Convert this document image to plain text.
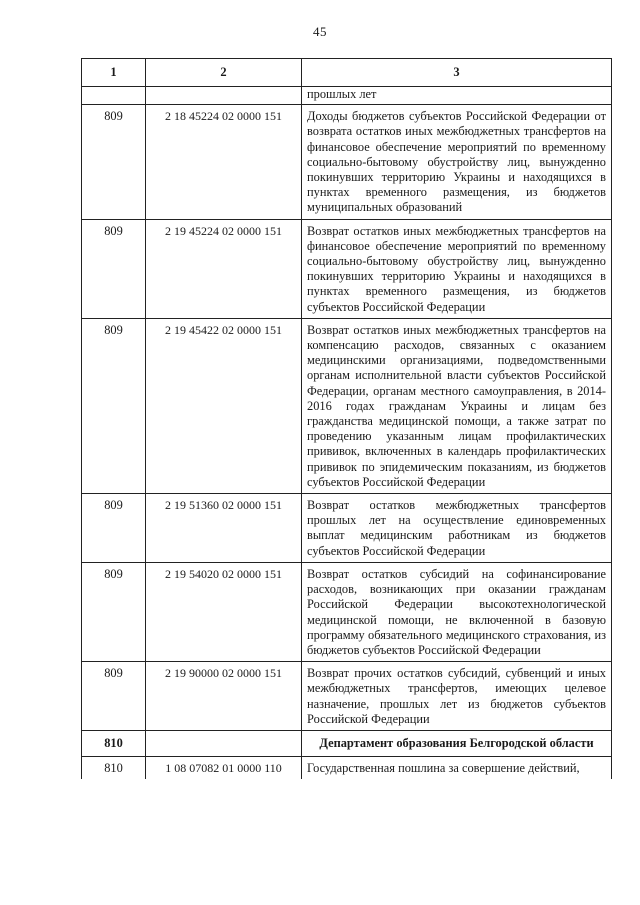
45
1	2	3
		прошлых лет
809	2 18 45224 02 0000 151	Доходы бюджетов субъектов Российской Федерации от возврата остатков иных межбюджетных трансфертов на финансовое обеспечение мероприятий по временному социально-бытовому обустройству лиц, вынужденно покинувших территорию Украины и находящихся в пунктах временного размещения, из бюджетов муниципальных образований
809	2 19 45224 02 0000 151	Возврат остатков иных межбюджетных трансфертов на финансовое обеспечение мероприятий по временному социально-бытовому обустройству лиц, вынужденно покинувших территорию Украины и находящихся в пунктах временного размещения, из бюджетов субъектов Российской Федерации
809	2 19 45422 02 0000 151	Возврат остатков иных межбюджетных трансфертов на компенсацию расходов, связанных с оказанием медицинскими организациями, подведомственными органам исполнительной власти субъектов Российской Федерации, органам местного самоуправления, в 2014-2016 годах гражданам Украины и лицам без гражданства медицинской помощи, а также затрат по проведению указанным лицам профилактических прививок, включенных в календарь профилактических прививок по эпидемическим показаниям, из бюджетов субъектов Российской Федерации
809	2 19 51360 02 0000 151	Возврат остатков межбюджетных трансфертов прошлых лет на осуществление единовременных выплат медицинским работникам из бюджетов субъектов Российской Федерации
809	2 19 54020 02 0000 151	Возврат остатков субсидий на софинансирование расходов, возникающих при оказании гражданам Российской Федерации высокотехнологической медицинской помощи, не включенной в базовую программу обязательного медицинского страхования, из бюджетов субъектов Российской Федерации
809	2 19 90000 02 0000 151	Возврат прочих остатков субсидий, субвенций и иных межбюджетных трансфертов, имеющих целевое назначение, прошлых лет из бюджетов субъектов Российской Федерации
810		Департамент образования Белгородской области
810	1 08 07082 01 0000 110	Государственная пошлина за совершение действий,
